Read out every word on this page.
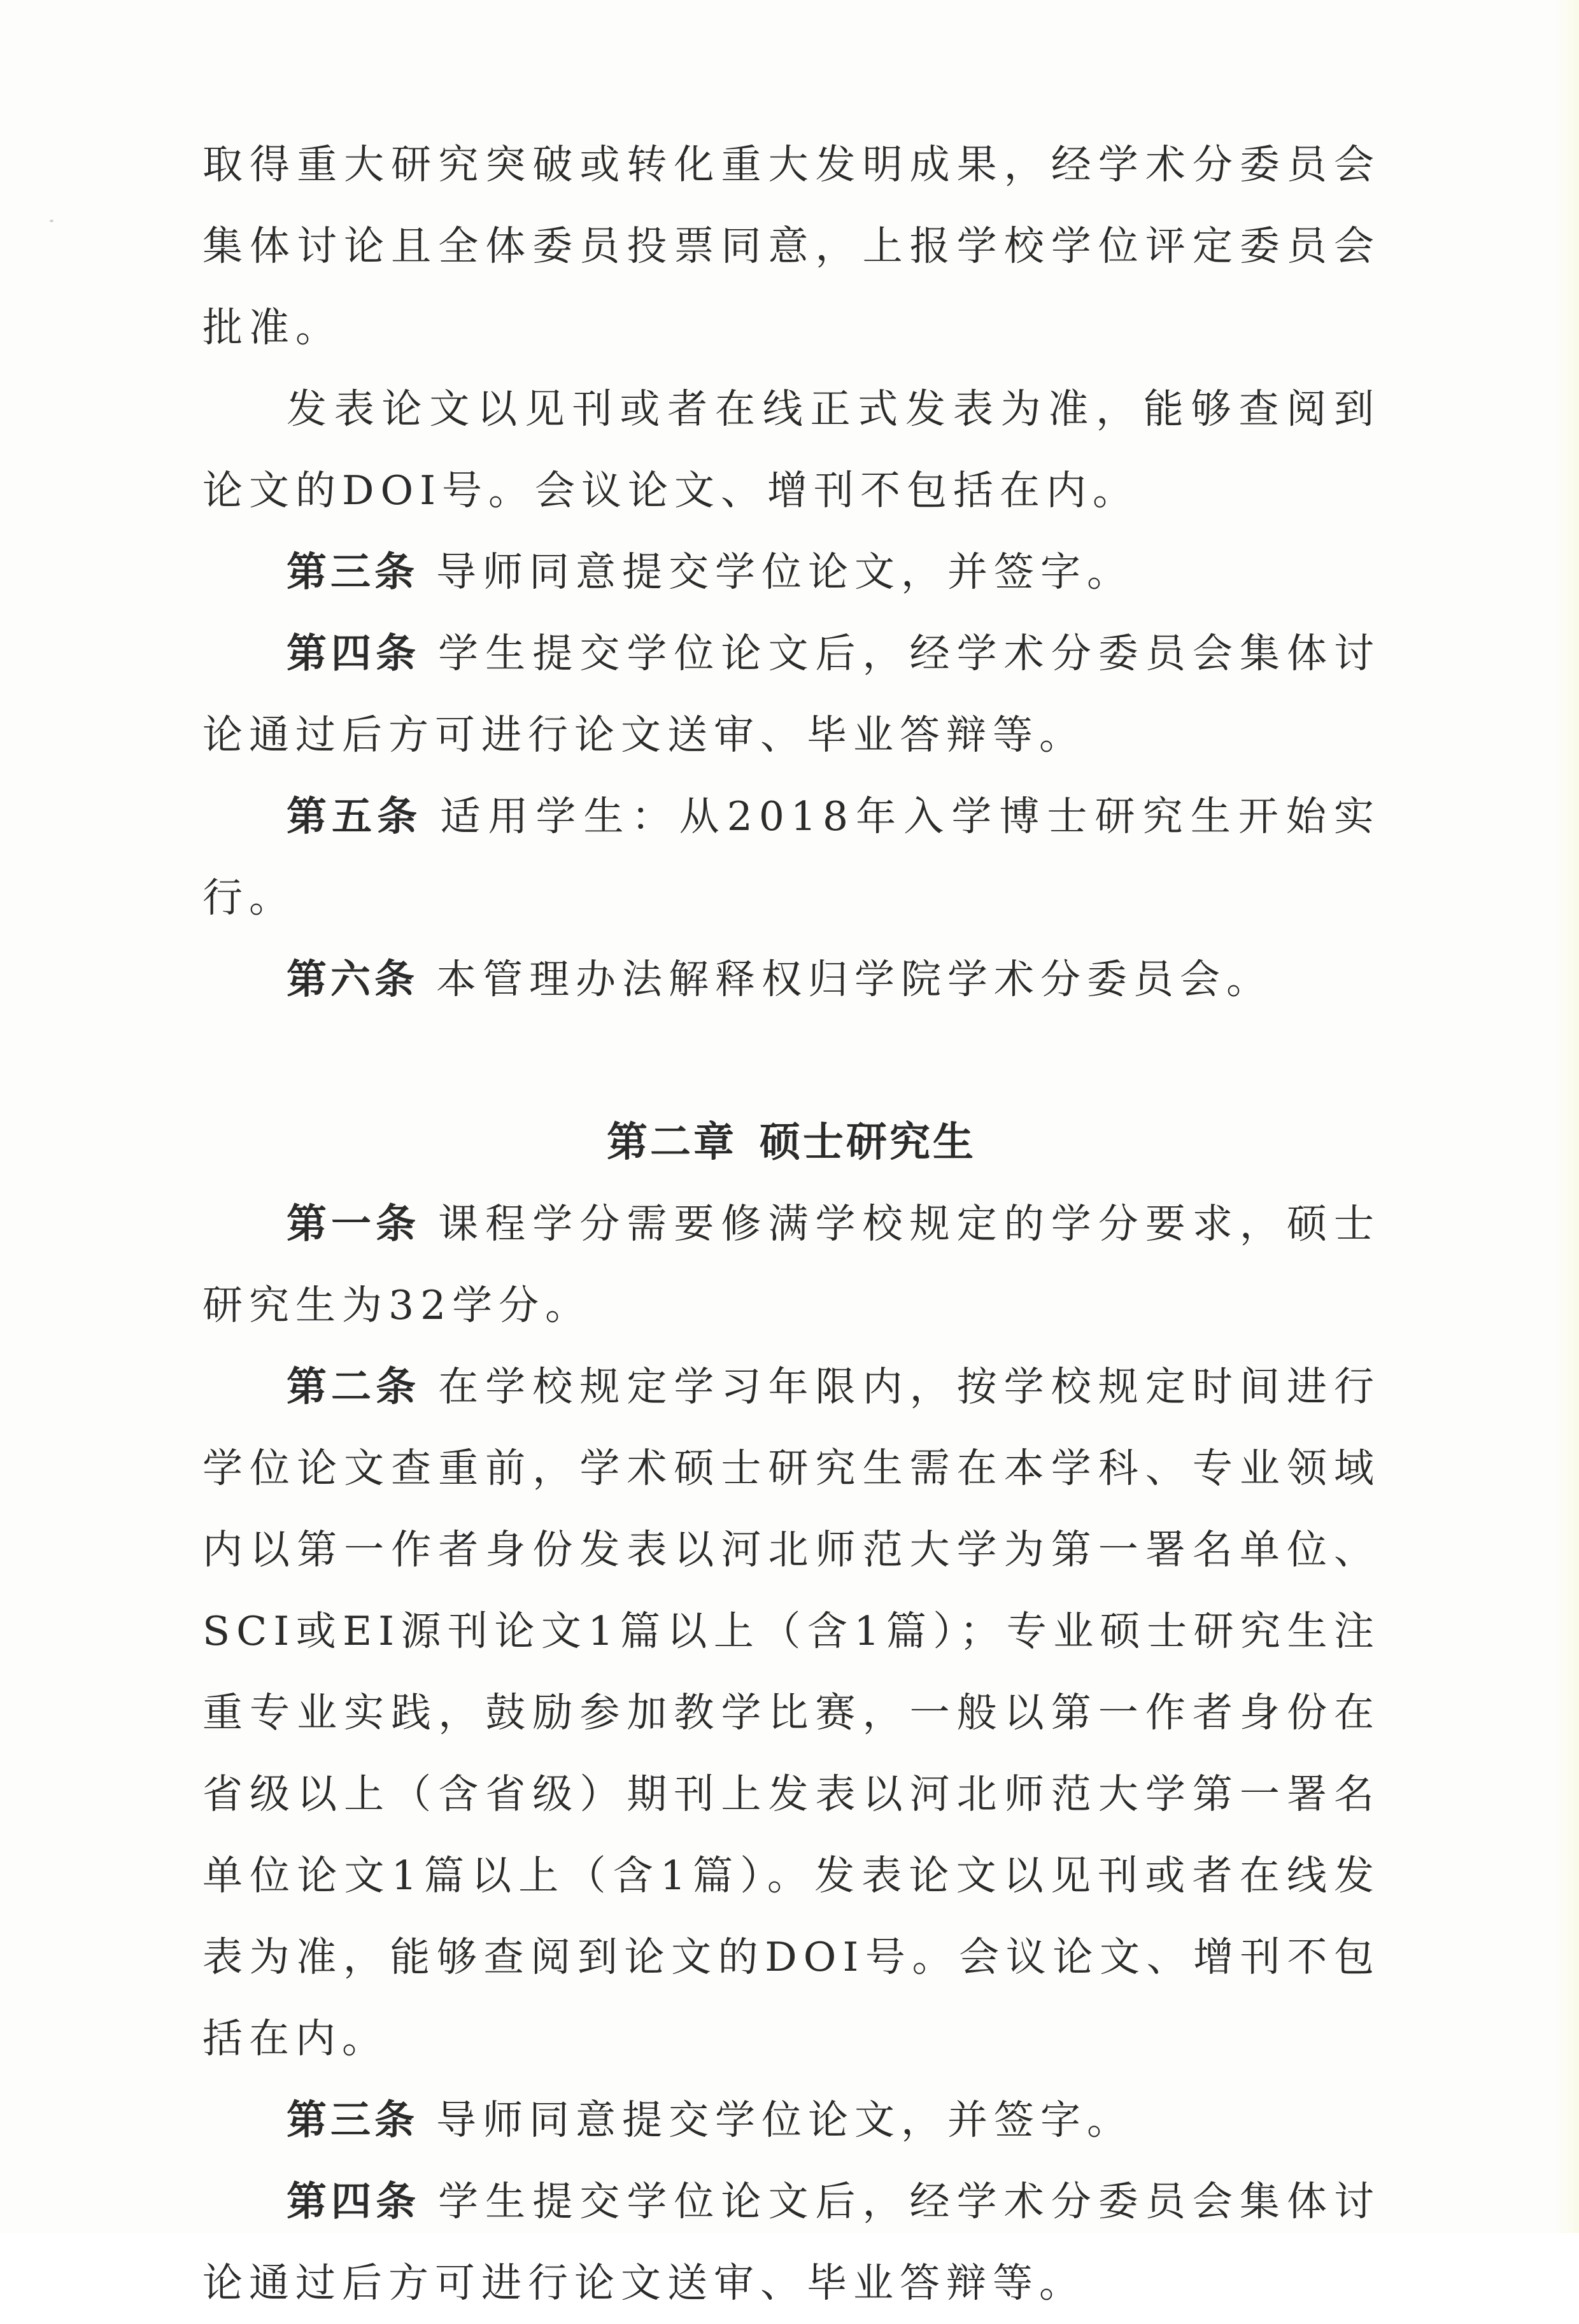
取得重大研究突破或转化重大发明成果，经学术分委员会集体讨论且全体委员投票同意，上报学校学位评定委员会批准。

发表论文以见刊或者在线正式发表为准，能够查阅到论文的DOI号。会议论文、增刊不包括在内。

第三条 导师同意提交学位论文，并签字。

第四条 学生提交学位论文后，经学术分委员会集体讨论通过后方可进行论文送审、毕业答辩等。

第五条 适用学生：从2018年入学博士研究生开始实行。

第六条 本管理办法解释权归学院学术分委员会。

第二章 硕士研究生

第一条 课程学分需要修满学校规定的学分要求，硕士研究生为32学分。

第二条 在学校规定学习年限内，按学校规定时间进行学位论文查重前，学术硕士研究生需在本学科、专业领域内以第一作者身份发表以河北师范大学为第一署名单位、SCI或EI源刊论文1篇以上（含1篇）；专业硕士研究生注重专业实践，鼓励参加教学比赛，一般以第一作者身份在省级以上（含省级）期刊上发表以河北师范大学第一署名单位论文1篇以上（含1篇）。发表论文以见刊或者在线发表为准，能够查阅到论文的DOI号。会议论文、增刊不包括在内。

第三条 导师同意提交学位论文，并签字。

第四条 学生提交学位论文后，经学术分委员会集体讨论通过后方可进行论文送审、毕业答辩等。
